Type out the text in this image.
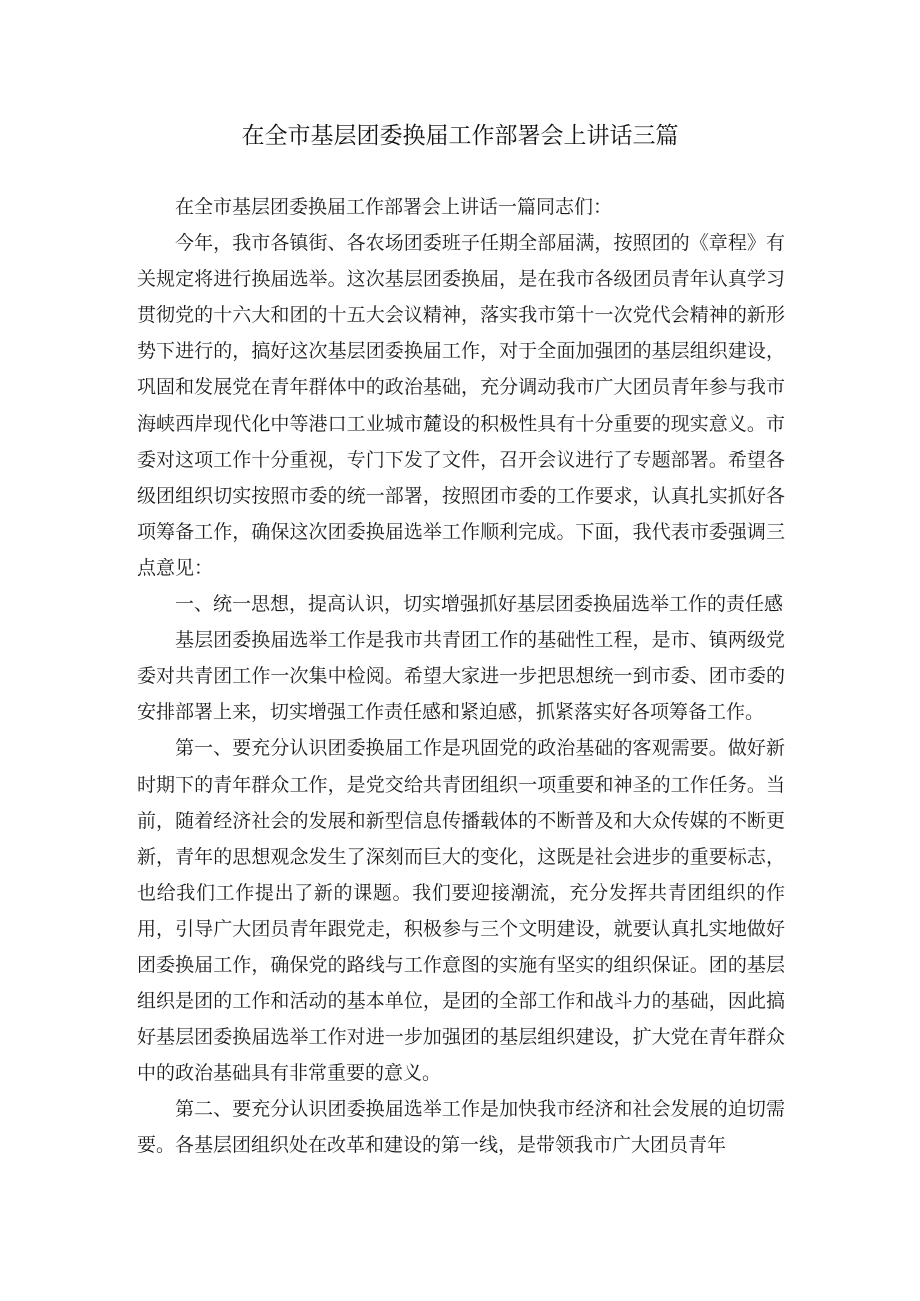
在全市基层团委换届工作部署会上讲话三篇

在全市基层团委换届工作部署会上讲话一篇同志们：

今年，我市各镇街、各农场团委班子任期全部届满，按照团的《章程》有关规定将进行换届选举。这次基层团委换届，是在我市各级团员青年认真学习贯彻党的十六大和团的十五大会议精神，落实我市第十一次党代会精神的新形势下进行的，搞好这次基层团委换届工作，对于全面加强团的基层组织建设，巩固和发展党在青年群体中的政治基础，充分调动我市广大团员青年参与我市海峡西岸现代化中等港口工业城市麓设的积极性具有十分重要的现实意义。市委对这项工作十分重视，专门下发了文件，召开会议进行了专题部署。希望各级团组织切实按照市委的统一部署，按照团市委的工作要求，认真扎实抓好各项筹备工作，确保这次团委换届选举工作顺利完成。下面，我代表市委强调三点意见：

一、统一思想，提高认识，切实增强抓好基层团委换届选举工作的责任感

基层团委换届选举工作是我市共青团工作的基础性工程，是市、镇两级党委对共青团工作一次集中检阅。希望大家进一步把思想统一到市委、团市委的安排部署上来，切实增强工作责任感和紧迫感，抓紧落实好各项筹备工作。

第一、要充分认识团委换届工作是巩固党的政治基础的客观需要。做好新时期下的青年群众工作，是党交给共青团组织一项重要和神圣的工作任务。当前，随着经济社会的发展和新型信息传播载体的不断普及和大众传媒的不断更新，青年的思想观念发生了深刻而巨大的变化，这既是社会进步的重要标志，也给我们工作提出了新的课题。我们要迎接潮流，充分发挥共青团组织的作用，引导广大团员青年跟党走，积极参与三个文明建设，就要认真扎实地做好团委换届工作，确保党的路线与工作意图的实施有坚实的组织保证。团的基层组织是团的工作和活动的基本单位，是团的全部工作和战斗力的基础，因此搞好基层团委换届选举工作对进一步加强团的基层组织建设，扩大党在青年群众中的政治基础具有非常重要的意义。

第二、要充分认识团委换届选举工作是加快我市经济和社会发展的迫切需要。各基层团组织处在改革和建设的第一线，是带领我市广大团员青年
